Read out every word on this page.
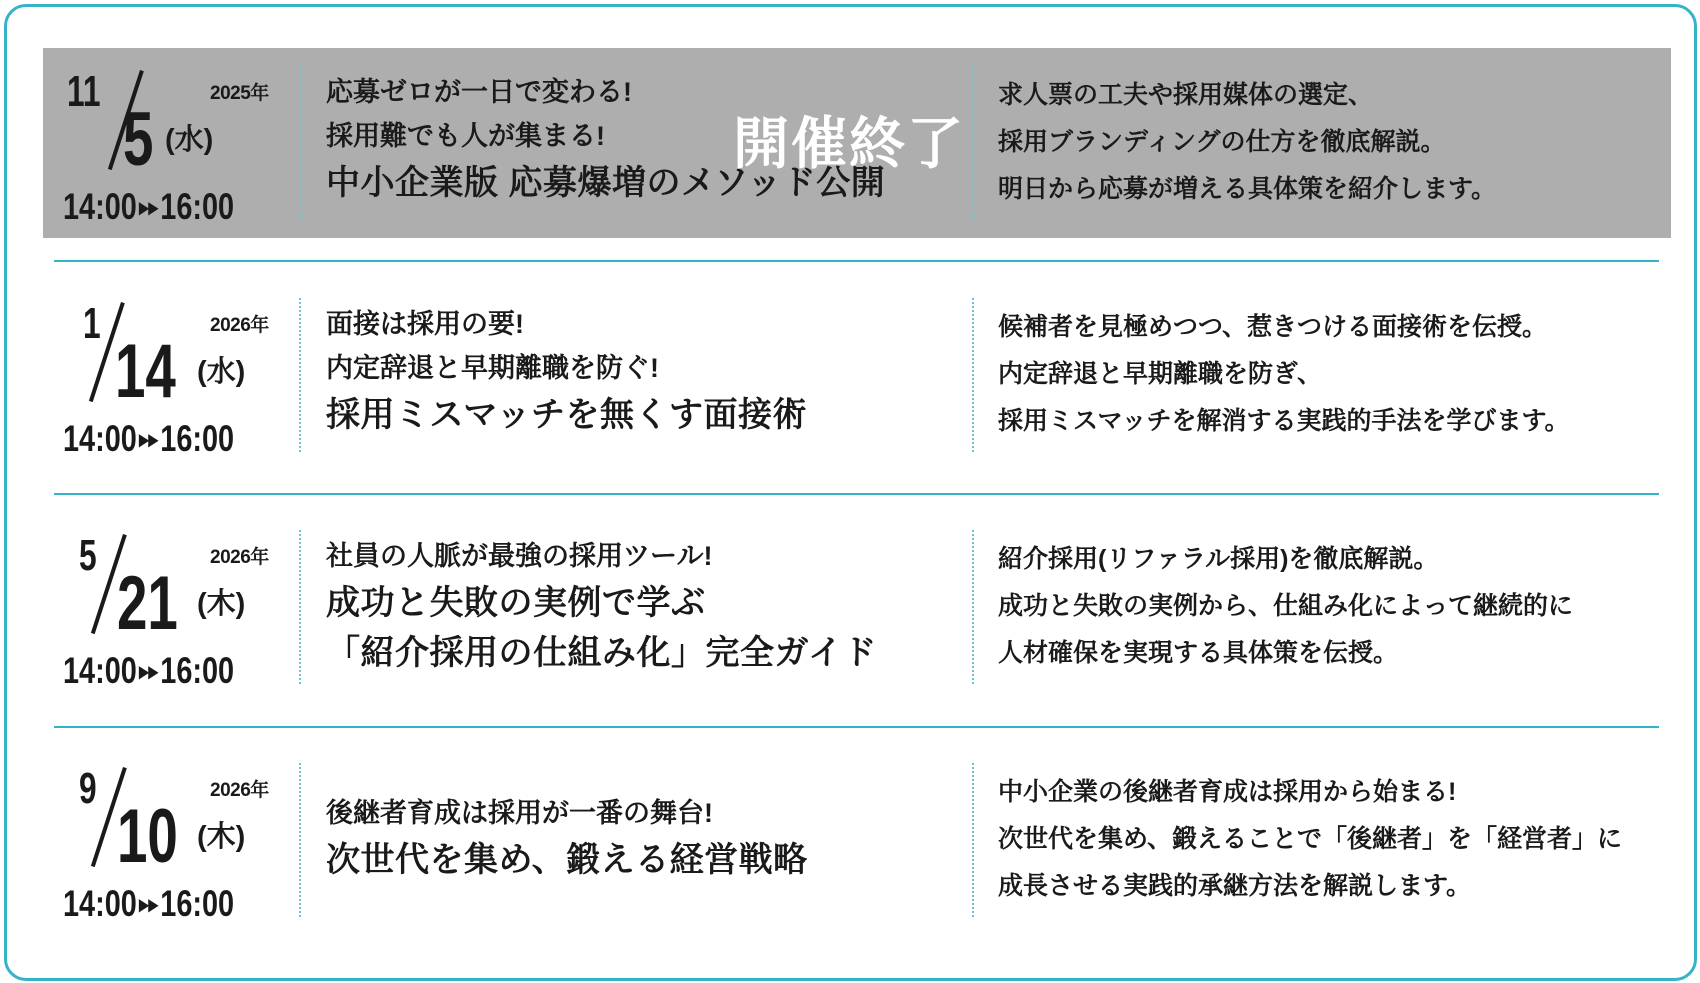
2025年
11
5 (水)
14:00▸▸16:00
応募ゼロが一日で変わる!
採用難でも人が集まる!
中小企業版 応募爆増のメソッド公開
開催終了
求人票の工夫や採用媒体の選定、
採用ブランディングの仕方を徹底解説。
明日から応募が増える具体策を紹介します。
2026年
1
14 (水)
14:00▸▸16:00
面接は採用の要!
内定辞退と早期離職を防ぐ!
採用ミスマッチを無くす面接術
候補者を見極めつつ、惹きつける面接術を伝授。
内定辞退と早期離職を防ぎ、
採用ミスマッチを解消する実践的手法を学びます。
2026年
5
21 (木)
14:00▸▸16:00
社員の人脈が最強の採用ツール!
成功と失敗の実例で学ぶ
「紹介採用の仕組み化」完全ガイド
紹介採用(リファラル採用)を徹底解説。
成功と失敗の実例から、仕組み化によって継続的に
人材確保を実現する具体策を伝授。
2026年
9
10 (木)
14:00▸▸16:00
後継者育成は採用が一番の舞台!
次世代を集め、鍛える経営戦略
中小企業の後継者育成は採用から始まる!
次世代を集め、鍛えることで「後継者」を「経営者」に
成長させる実践的承継方法を解説します。
